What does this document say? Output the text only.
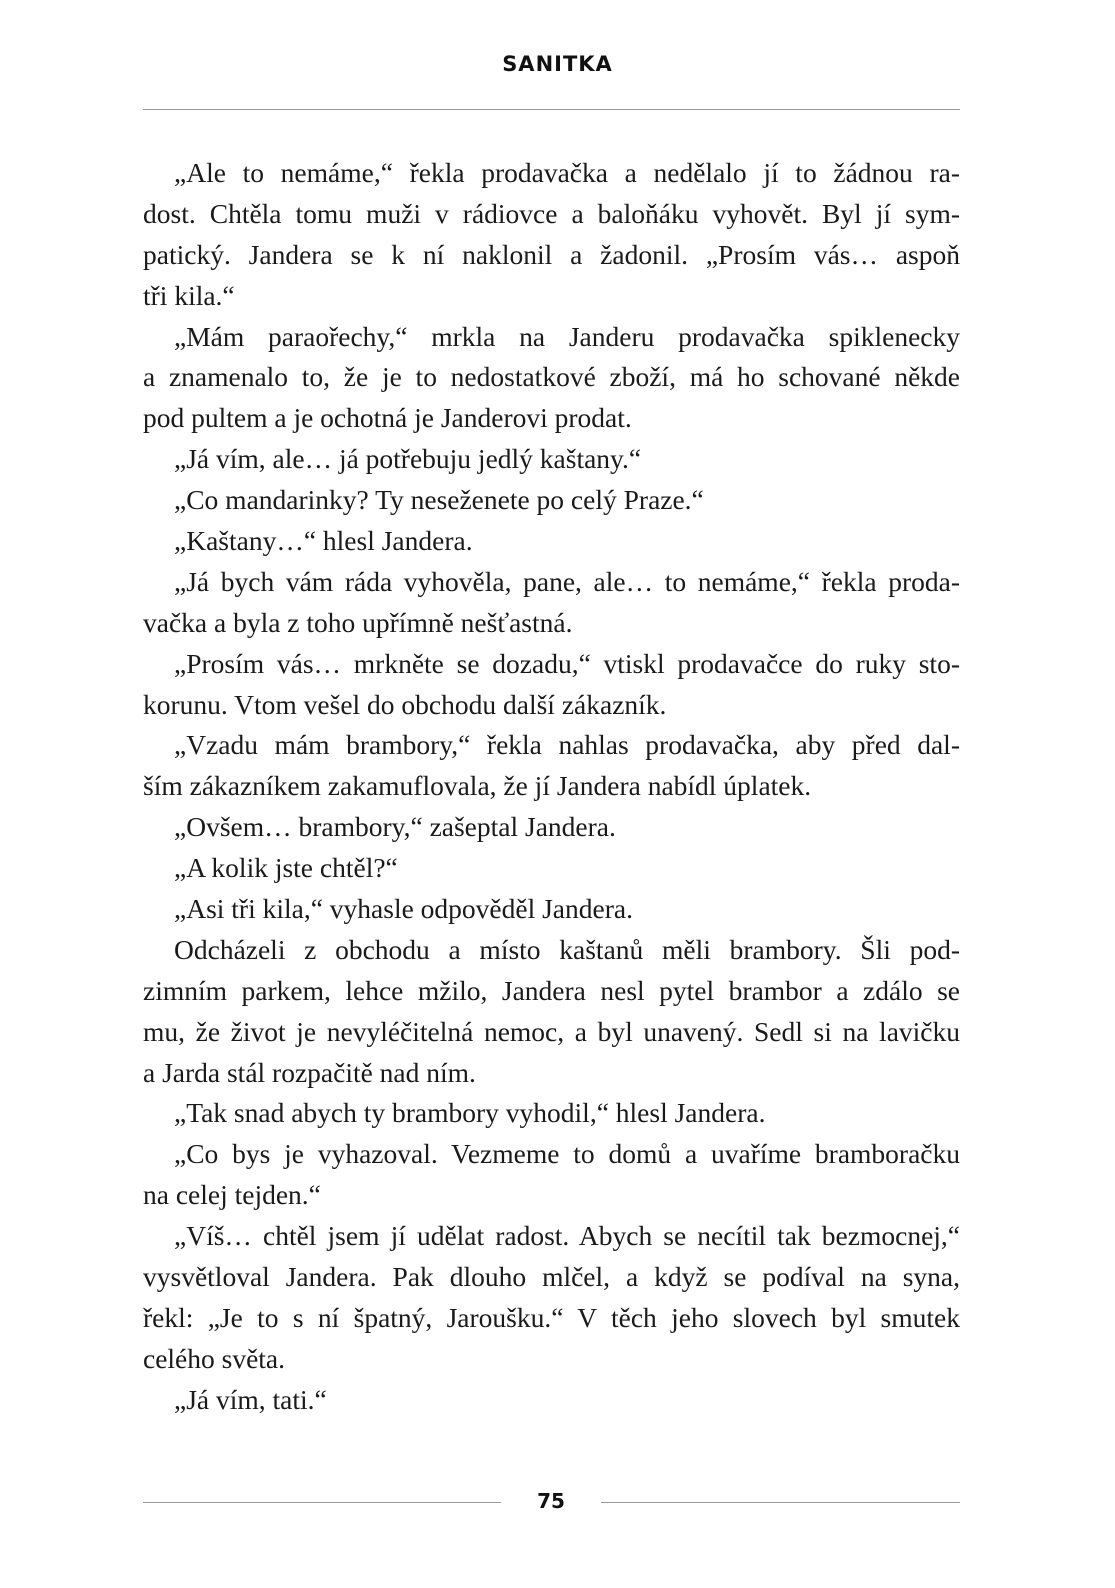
SANITKA

„Ale to nemáme,“ řekla prodavačka a nedělalo jí to žádnou ra-
dost. Chtěla tomu muži v rádiovce a baloňáku vyhovět. Byl jí sym-
patický. Jandera se k ní naklonil a žadonil. „Prosím vás… aspoň
tři kila.“

„Mám paraořechy,“ mrkla na Janderu prodavačka spiklenecky
a znamenalo to, že je to nedostatkové zboží, má ho schované někde
pod pultem a je ochotná je Janderovi prodat.

„Já vím, ale… já potřebuju jedlý kaštany.“

„Co mandarinky? Ty neseženete po celý Praze.“

„Kaštany…“ hlesl Jandera.

„Já bych vám ráda vyhověla, pane, ale… to nemáme,“ řekla proda-
vačka a byla z toho upřímně nešťastná.

„Prosím vás… mrkněte se dozadu,“ vtiskl prodavačce do ruky sto-
korunu. Vtom vešel do obchodu další zákazník.

„Vzadu mám brambory,“ řekla nahlas prodavačka, aby před dal-
ším zákazníkem zakamuflovala, že jí Jandera nabídl úplatek.

„Ovšem… brambory,“ zašeptal Jandera.

„A kolik jste chtěl?“

„Asi tři kila,“ vyhasle odpověděl Jandera.

Odcházeli z obchodu a místo kaštanů měli brambory. Šli pod-
zimním parkem, lehce mžilo, Jandera nesl pytel brambor a zdálo se
mu, že život je nevyléčitelná nemoc, a byl unavený. Sedl si na lavičku
a Jarda stál rozpačitě nad ním.

„Tak snad abych ty brambory vyhodil,“ hlesl Jandera.

„Co bys je vyhazoval. Vezmeme to domů a uvaříme bramboračku
na celej tejden.“

„Víš… chtěl jsem jí udělat radost. Abych se necítil tak bezmocnej,“
vysvětloval Jandera. Pak dlouho mlčel, a když se podíval na syna,
řekl: „Je to s ní špatný, Jaroušku.“ V těch jeho slovech byl smutek
celého světa.

„Já vím, tati.“

75
